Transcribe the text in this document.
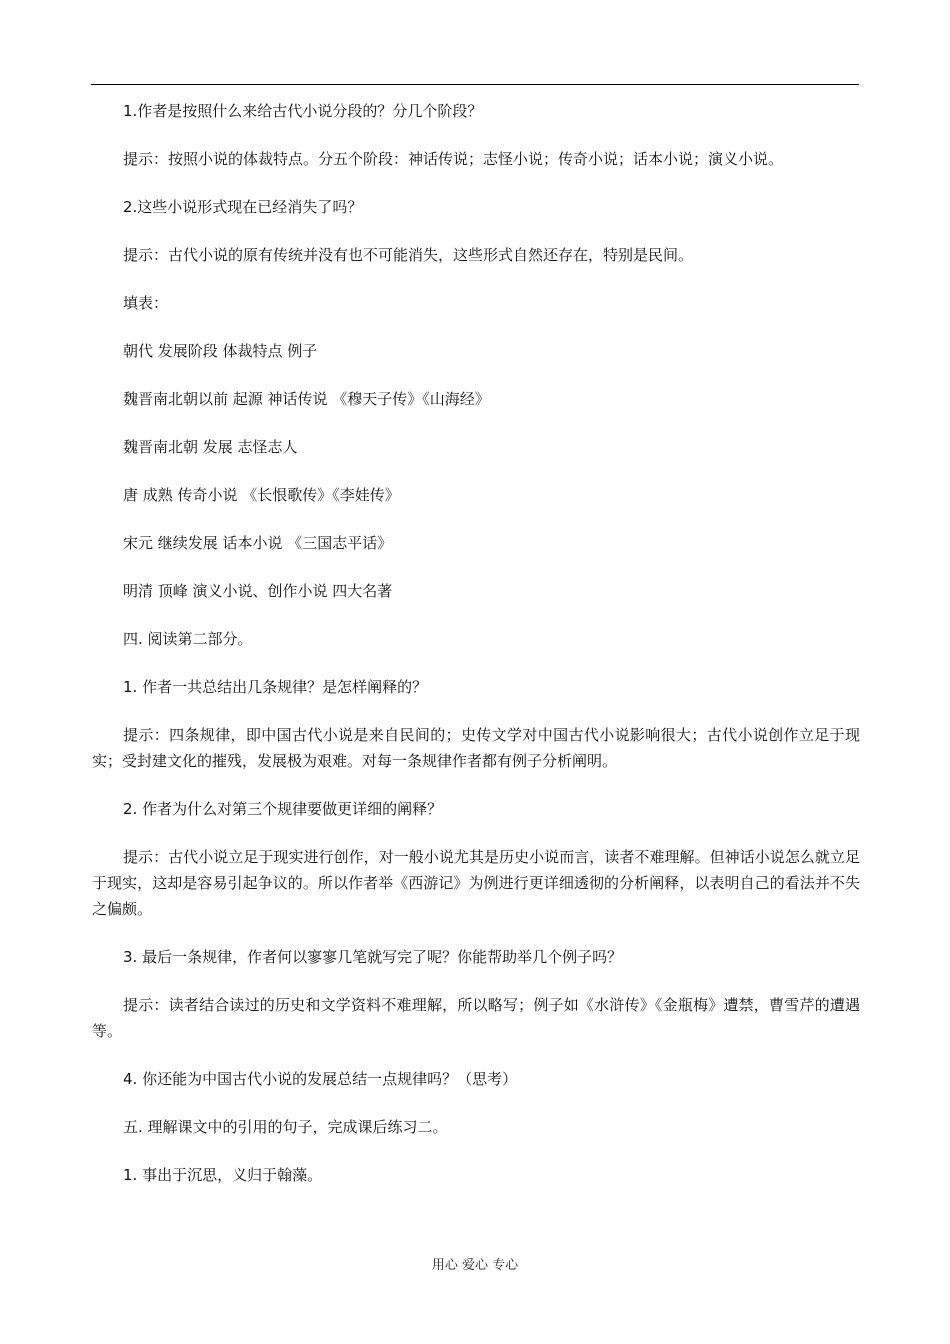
1.作者是按照什么来给古代小说分段的？分几个阶段？

提示：按照小说的体裁特点。分五个阶段：神话传说；志怪小说；传奇小说；话本小说；演义小说。

2.这些小说形式现在已经消失了吗？

提示：古代小说的原有传统并没有也不可能消失，这些形式自然还存在，特别是民间。

填表：

朝代 发展阶段 体裁特点 例子

魏晋南北朝以前 起源 神话传说 《穆天子传》《山海经》

魏晋南北朝 发展 志怪志人

唐 成熟 传奇小说 《长恨歌传》《李娃传》

宋元 继续发展 话本小说 《三国志平话》

明清 顶峰 演义小说、创作小说 四大名著

四. 阅读第二部分。

1. 作者一共总结出几条规律？是怎样阐释的？

提示：四条规律，即中国古代小说是来自民间的；史传文学对中国古代小说影响很大；古代小说创作立足于现实；受封建文化的摧残，发展极为艰难。对每一条规律作者都有例子分析阐明。

2. 作者为什么对第三个规律要做更详细的阐释？

提示：古代小说立足于现实进行创作，对一般小说尤其是历史小说而言，读者不难理解。但神话小说怎么就立足于现实，这却是容易引起争议的。所以作者举《西游记》为例进行更详细透彻的分析阐释，以表明自己的看法并不失之偏颇。

3. 最后一条规律，作者何以寥寥几笔就写完了呢？你能帮助举几个例子吗？

提示：读者结合读过的历史和文学资料不难理解，所以略写；例子如《水浒传》《金瓶梅》遭禁，曹雪芹的遭遇等。

4. 你还能为中国古代小说的发展总结一点规律吗？（思考）

五. 理解课文中的引用的句子，完成课后练习二。

1. 事出于沉思，义归于翰藻。

用心 爱心 专心
